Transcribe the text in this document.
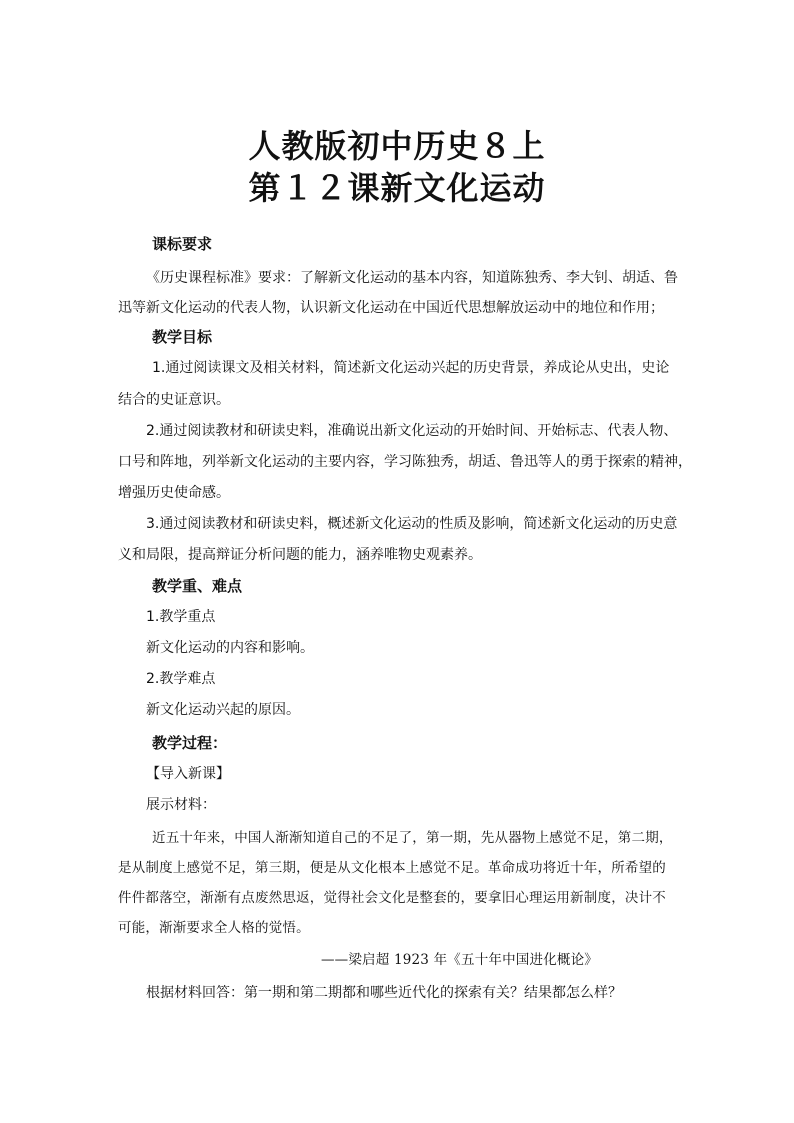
人教版初中历史８上
第１２课新文化运动
课标要求
《历史课程标准》要求：了解新文化运动的基本内容，知道陈独秀、李大钊、胡适、鲁
迅等新文化运动的代表人物，认识新文化运动在中国近代思想解放运动中的地位和作用；
教学目标
1.通过阅读课文及相关材料，简述新文化运动兴起的历史背景，养成论从史出，史论
结合的史证意识。
2.通过阅读教材和研读史料，准确说出新文化运动的开始时间、开始标志、代表人物、
口号和阵地，列举新文化运动的主要内容，学习陈独秀，胡适、鲁迅等人的勇于探索的精神，
增强历史使命感。
3.通过阅读教材和研读史料，概述新文化运动的性质及影响，简述新文化运动的历史意
义和局限，提高辩证分析问题的能力，涵养唯物史观素养。
教学重、难点
1.教学重点
新文化运动的内容和影响。
2.教学难点
新文化运动兴起的原因。
教学过程：
【导入新课】
展示材料：
近五十年来，中国人渐渐知道自己的不足了，第一期，先从器物上感觉不足，第二期，
是从制度上感觉不足，第三期，便是从文化根本上感觉不足。革命成功将近十年，所希望的
件件都落空，渐渐有点废然思返，觉得社会文化是整套的，要拿旧心理运用新制度，决计不
可能，渐渐要求全人格的觉悟。
——梁启超 1923 年《五十年中国进化概论》
根据材料回答：第一期和第二期都和哪些近代化的探索有关？结果都怎么样？
